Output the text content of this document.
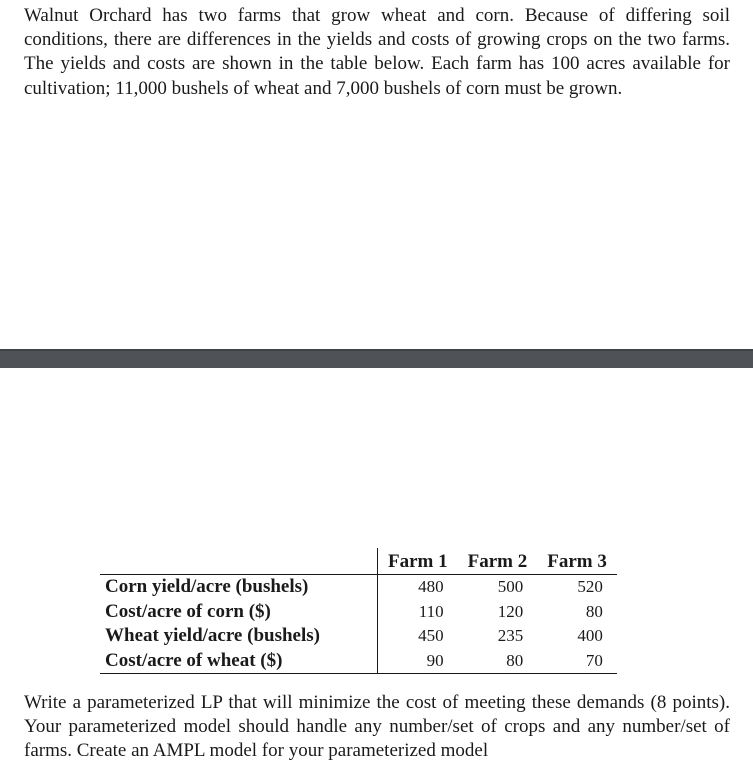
Walnut Orchard has two farms that grow wheat and corn. Because of differing soil conditions, there are differences in the yields and costs of growing crops on the two farms. The yields and costs are shown in the table below. Each farm has 100 acres available for cultivation; 11,000 bushels of wheat and 7,000 bushels of corn must be grown.

	Farm 1	Farm 2	Farm 3
Corn yield/acre (bushels)	480	500	520
Cost/acre of corn ($)	110	120	80
Wheat yield/acre (bushels)	450	235	400
Cost/acre of wheat ($)	90	80	70

Write a parameterized LP that will minimize the cost of meeting these demands (8 points). Your parameterized model should handle any number/set of crops and any number/set of farms. Create an AMPL model for your parameterized model
